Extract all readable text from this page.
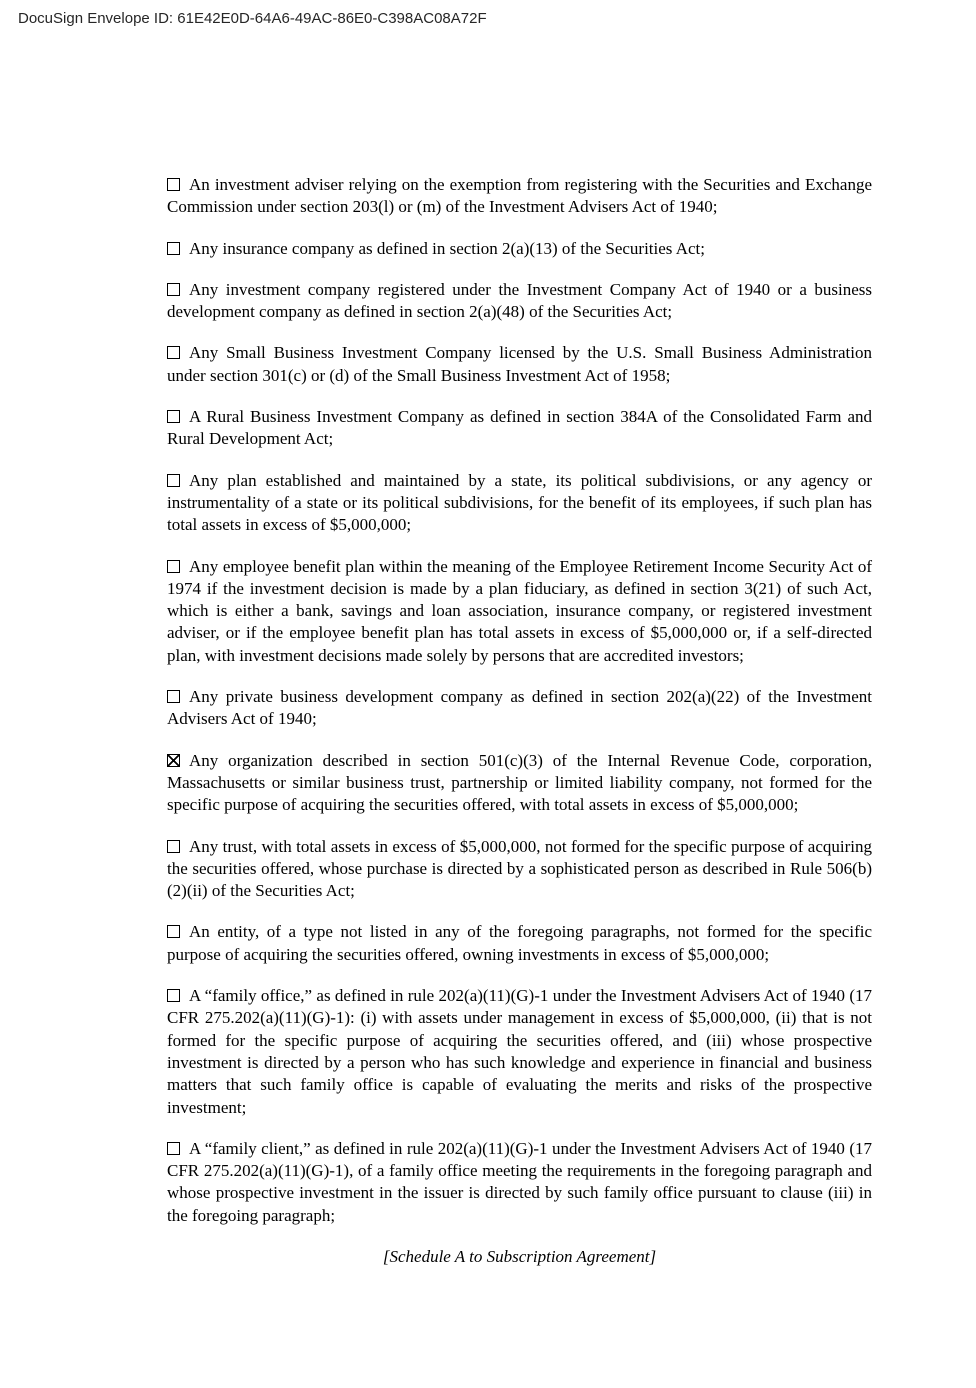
DocuSign Envelope ID: 61E42E0D-64A6-49AC-86E0-C398AC08A72F
An investment adviser relying on the exemption from registering with the Securities and Exchange Commission under section 203(l) or (m) of the Investment Advisers Act of 1940;
Any insurance company as defined in section 2(a)(13) of the Securities Act;
Any investment company registered under the Investment Company Act of 1940 or a business development company as defined in section 2(a)(48) of the Securities Act;
Any Small Business Investment Company licensed by the U.S. Small Business Administration under section 301(c) or (d) of the Small Business Investment Act of 1958;
A Rural Business Investment Company as defined in section 384A of the Consolidated Farm and Rural Development Act;
Any plan established and maintained by a state, its political subdivisions, or any agency or instrumentality of a state or its political subdivisions, for the benefit of its employees, if such plan has total assets in excess of $5,000,000;
Any employee benefit plan within the meaning of the Employee Retirement Income Security Act of 1974 if the investment decision is made by a plan fiduciary, as defined in section 3(21) of such Act, which is either a bank, savings and loan association, insurance company, or registered investment adviser, or if the employee benefit plan has total assets in excess of $5,000,000 or, if a self-directed plan, with investment decisions made solely by persons that are accredited investors;
Any private business development company as defined in section 202(a)(22) of the Investment Advisers Act of 1940;
Any organization described in section 501(c)(3) of the Internal Revenue Code, corporation, Massachusetts or similar business trust, partnership or limited liability company, not formed for the specific purpose of acquiring the securities offered, with total assets in excess of $5,000,000;
Any trust, with total assets in excess of $5,000,000, not formed for the specific purpose of acquiring the securities offered, whose purchase is directed by a sophisticated person as described in Rule 506(b)(2)(ii) of the Securities Act;
An entity, of a type not listed in any of the foregoing paragraphs, not formed for the specific purpose of acquiring the securities offered, owning investments in excess of $5,000,000;
A “family office,” as defined in rule 202(a)(11)(G)-1 under the Investment Advisers Act of 1940 (17 CFR 275.202(a)(11)(G)-1): (i) with assets under management in excess of $5,000,000, (ii) that is not formed for the specific purpose of acquiring the securities offered, and (iii) whose prospective investment is directed by a person who has such knowledge and experience in financial and business matters that such family office is capable of evaluating the merits and risks of the prospective investment;
A “family client,” as defined in rule 202(a)(11)(G)-1 under the Investment Advisers Act of 1940 (17 CFR 275.202(a)(11)(G)-1), of a family office meeting the requirements in the foregoing paragraph and whose prospective investment in the issuer is directed by such family office pursuant to clause (iii) in the foregoing paragraph;
[Schedule A to Subscription Agreement]
